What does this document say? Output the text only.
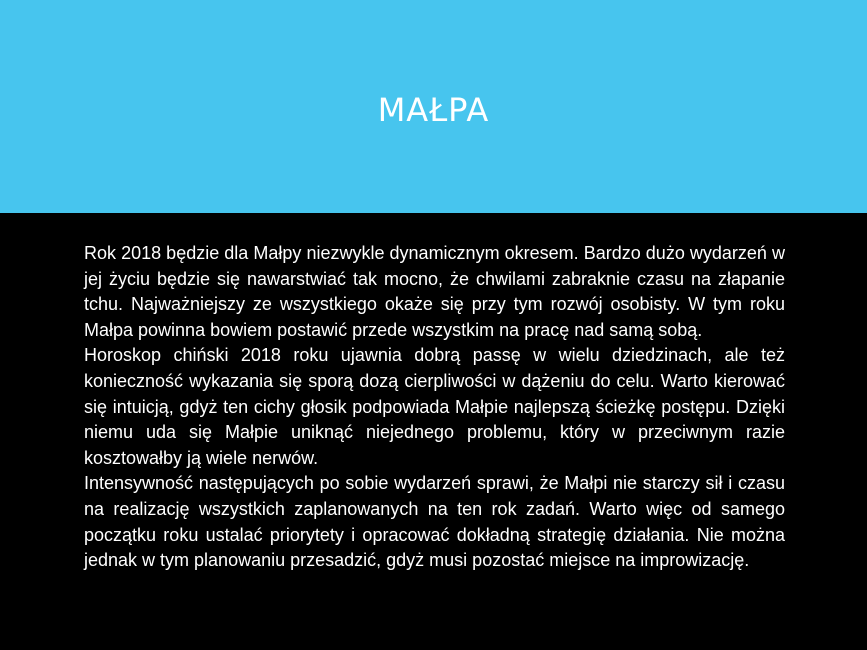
MAŁPA

Rok 2018 będzie dla Małpy niezwykle dynamicznym okresem. Bardzo dużo wydarzeń w jej życiu będzie się nawarstwiać tak mocno, że chwilami zabraknie czasu na złapanie tchu. Najważniejszy ze wszystkiego okaże się przy tym rozwój osobisty. W tym roku Małpa powinna bowiem postawić przede wszystkim na pracę nad samą sobą.

Horoskop chiński 2018 roku ujawnia dobrą passę w wielu dziedzinach, ale też konieczność wykazania się sporą dozą cierpliwości w dążeniu do celu. Warto kierować się intuicją, gdyż ten cichy głosik podpowiada Małpie najlepszą ścieżkę postępu. Dzięki niemu uda się Małpie uniknąć niejednego problemu, który w przeciwnym razie kosztowałby ją wiele nerwów.

Intensywność następujących po sobie wydarzeń sprawi, że Małpi nie starczy sił i czasu na realizację wszystkich zaplanowanych na ten rok zadań. Warto więc od samego początku roku ustalać priorytety i opracować dokładną strategię działania. Nie można jednak w tym planowaniu przesadzić, gdyż musi pozostać miejsce na improwizację.
